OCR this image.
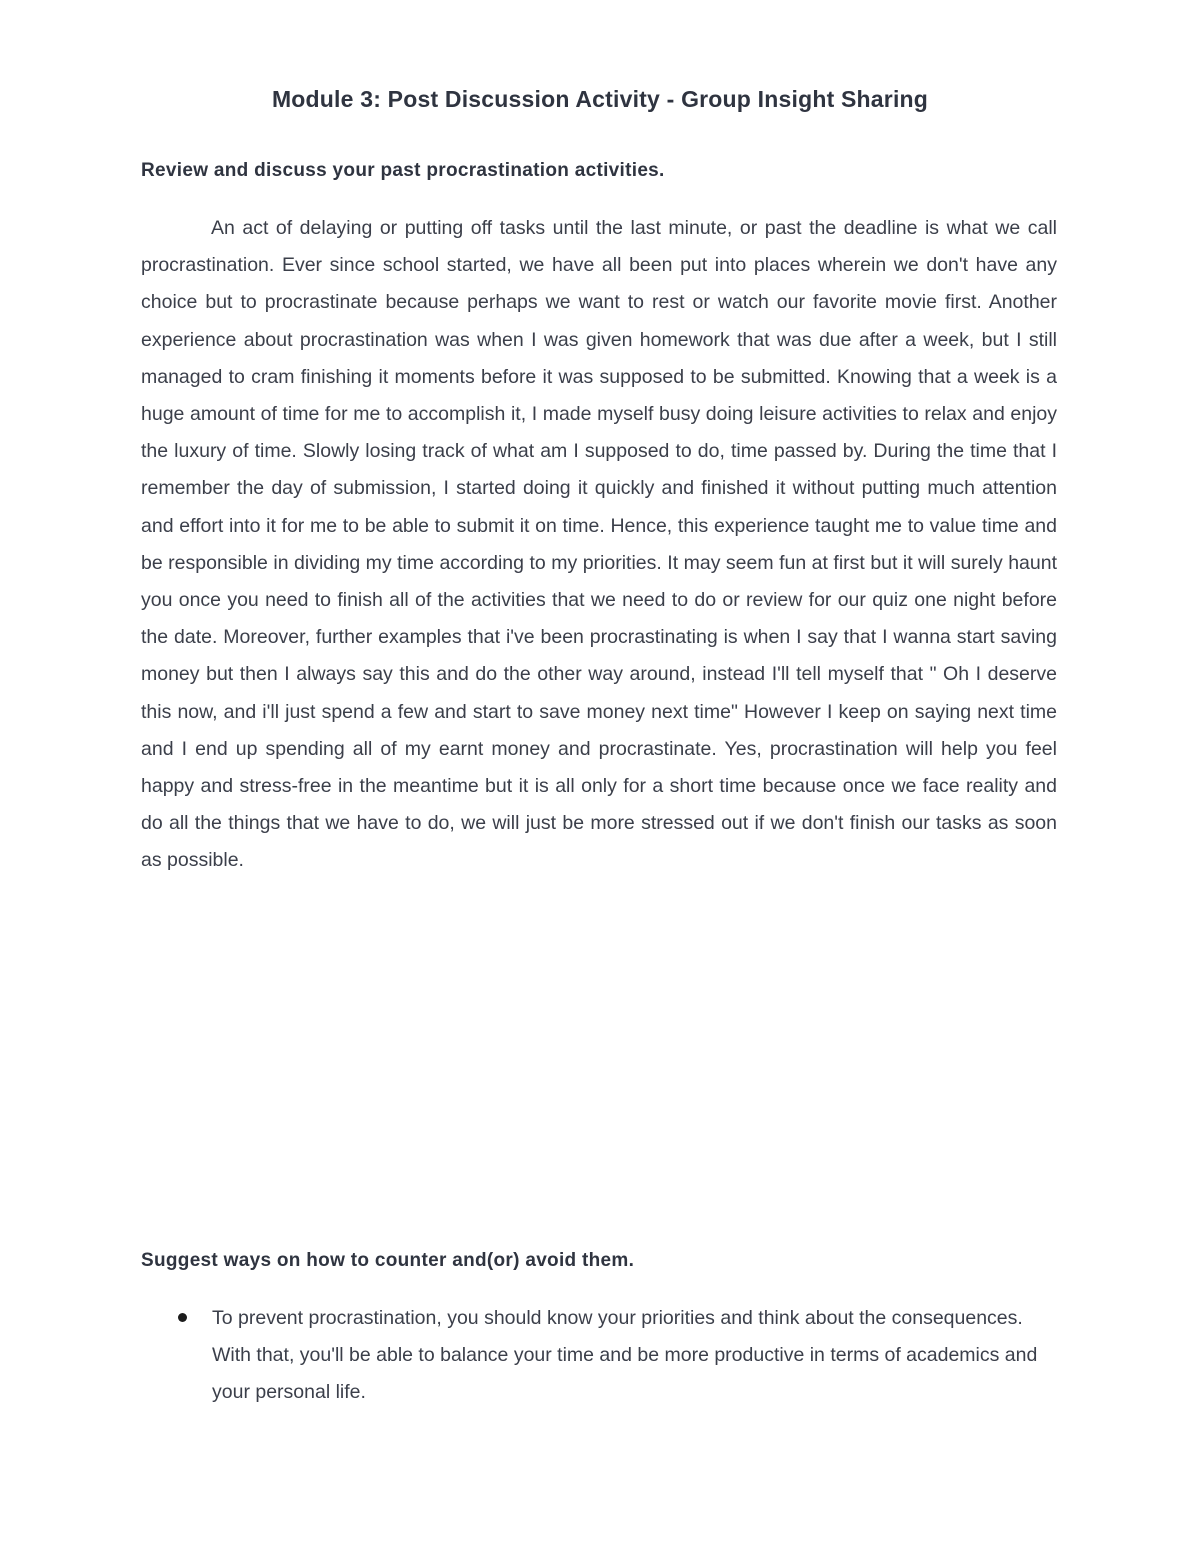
Module 3: Post Discussion Activity - Group Insight Sharing
Review and discuss your past procrastination activities.

An act of delaying or putting off tasks until the last minute, or past the deadline is what we call procrastination. Ever since school started, we have all been put into places wherein we don't have any choice but to procrastinate because perhaps we want to rest or watch our favorite movie first. Another experience about procrastination was when I was given homework that was due after a week, but I still managed to cram finishing it moments before it was supposed to be submitted. Knowing that a week is a huge amount of time for me to accomplish it, I made myself busy doing leisure activities to relax and enjoy the luxury of time. Slowly losing track of what am I supposed to do, time passed by. During the time that I remember the day of submission, I started doing it quickly and finished it without putting much attention and effort into it for me to be able to submit it on time. Hence, this experience taught me to value time and be responsible in dividing my time according to my priorities. It may seem fun at first but it will surely haunt you once you need to finish all of the activities that we need to do or review for our quiz one night before the date. Moreover, further examples that i've been procrastinating is when I say that I wanna start saving money but then I always say this and do the other way around, instead I'll tell myself that " Oh I deserve this now, and i'll just spend a few and start to save money next time" However I keep on saying next time and I end up spending all of my earnt money and procrastinate. Yes, procrastination will help you feel happy and stress-free in the meantime but it is all only for a short time because once we face reality and do all the things that we have to do, we will just be more stressed out if we don't finish our tasks as soon as possible.

Suggest ways on how to counter and(or) avoid them.
To prevent procrastination, you should know your priorities and think about the consequences. With that, you'll be able to balance your time and be more productive in terms of academics and your personal life.
